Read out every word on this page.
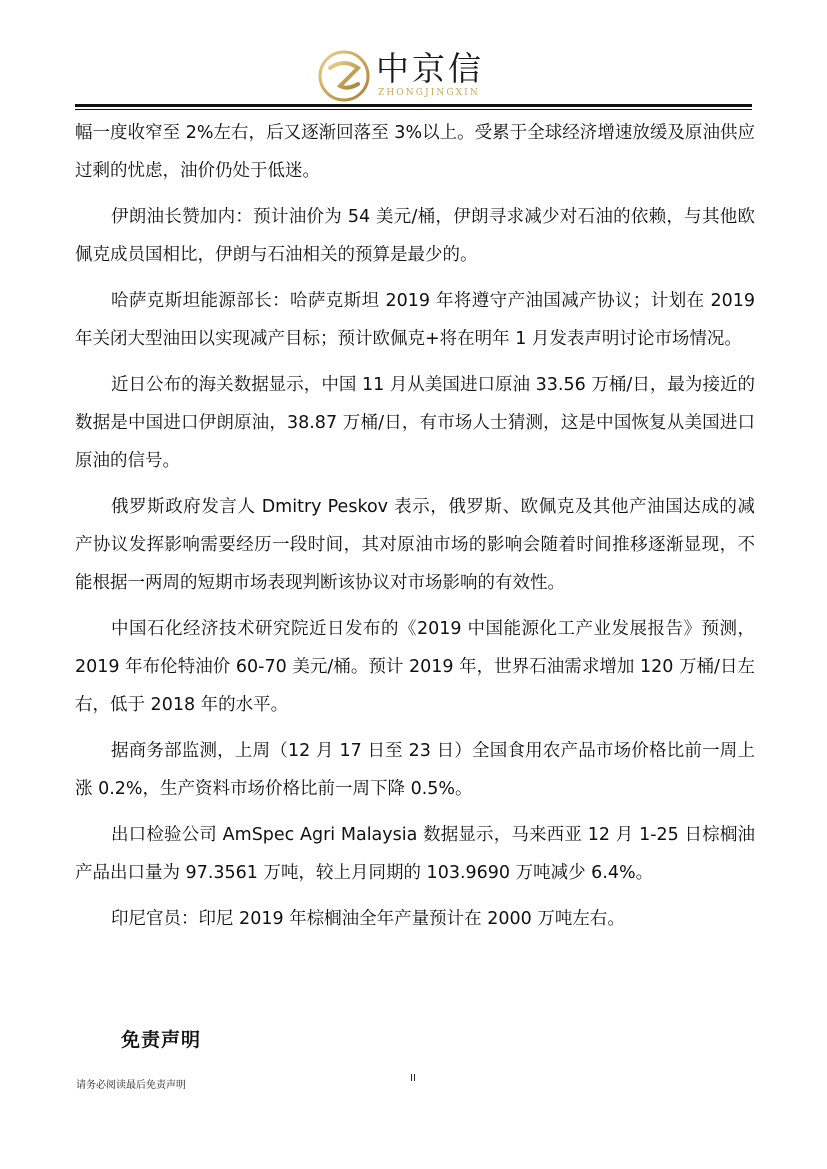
中京信
ZHONGJINGXIN

幅一度收窄至 2%左右，后又逐渐回落至 3%以上。受累于全球经济增速放缓及原油供应过剩的忧虑，油价仍处于低迷。

伊朗油长赞加内：预计油价为 54 美元/桶，伊朗寻求减少对石油的依赖，与其他欧佩克成员国相比，伊朗与石油相关的预算是最少的。

哈萨克斯坦能源部长：哈萨克斯坦 2019 年将遵守产油国减产协议；计划在 2019 年关闭大型油田以实现减产目标；预计欧佩克+将在明年 1 月发表声明讨论市场情况。

近日公布的海关数据显示，中国 11 月从美国进口原油 33.56 万桶/日，最为接近的数据是中国进口伊朗原油，38.87 万桶/日，有市场人士猜测，这是中国恢复从美国进口原油的信号。

俄罗斯政府发言人 Dmitry Peskov 表示，俄罗斯、欧佩克及其他产油国达成的减产协议发挥影响需要经历一段时间，其对原油市场的影响会随着时间推移逐渐显现，不能根据一两周的短期市场表现判断该协议对市场影响的有效性。

中国石化经济技术研究院近日发布的《2019 中国能源化工产业发展报告》预测，2019 年布伦特油价 60-70 美元/桶。预计 2019 年，世界石油需求增加 120 万桶/日左右，低于 2018 年的水平。

据商务部监测，上周（12 月 17 日至 23 日）全国食用农产品市场价格比前一周上涨 0.2%，生产资料市场价格比前一周下降 0.5%。

出口检验公司 AmSpec Agri Malaysia 数据显示，马来西亚 12 月 1-25 日棕榈油产品出口量为 97.3561 万吨，较上月同期的 103.9690 万吨减少 6.4%。

印尼官员：印尼 2019 年棕榈油全年产量预计在 2000 万吨左右。

免责声明
请务必阅读最后免责声明
II
